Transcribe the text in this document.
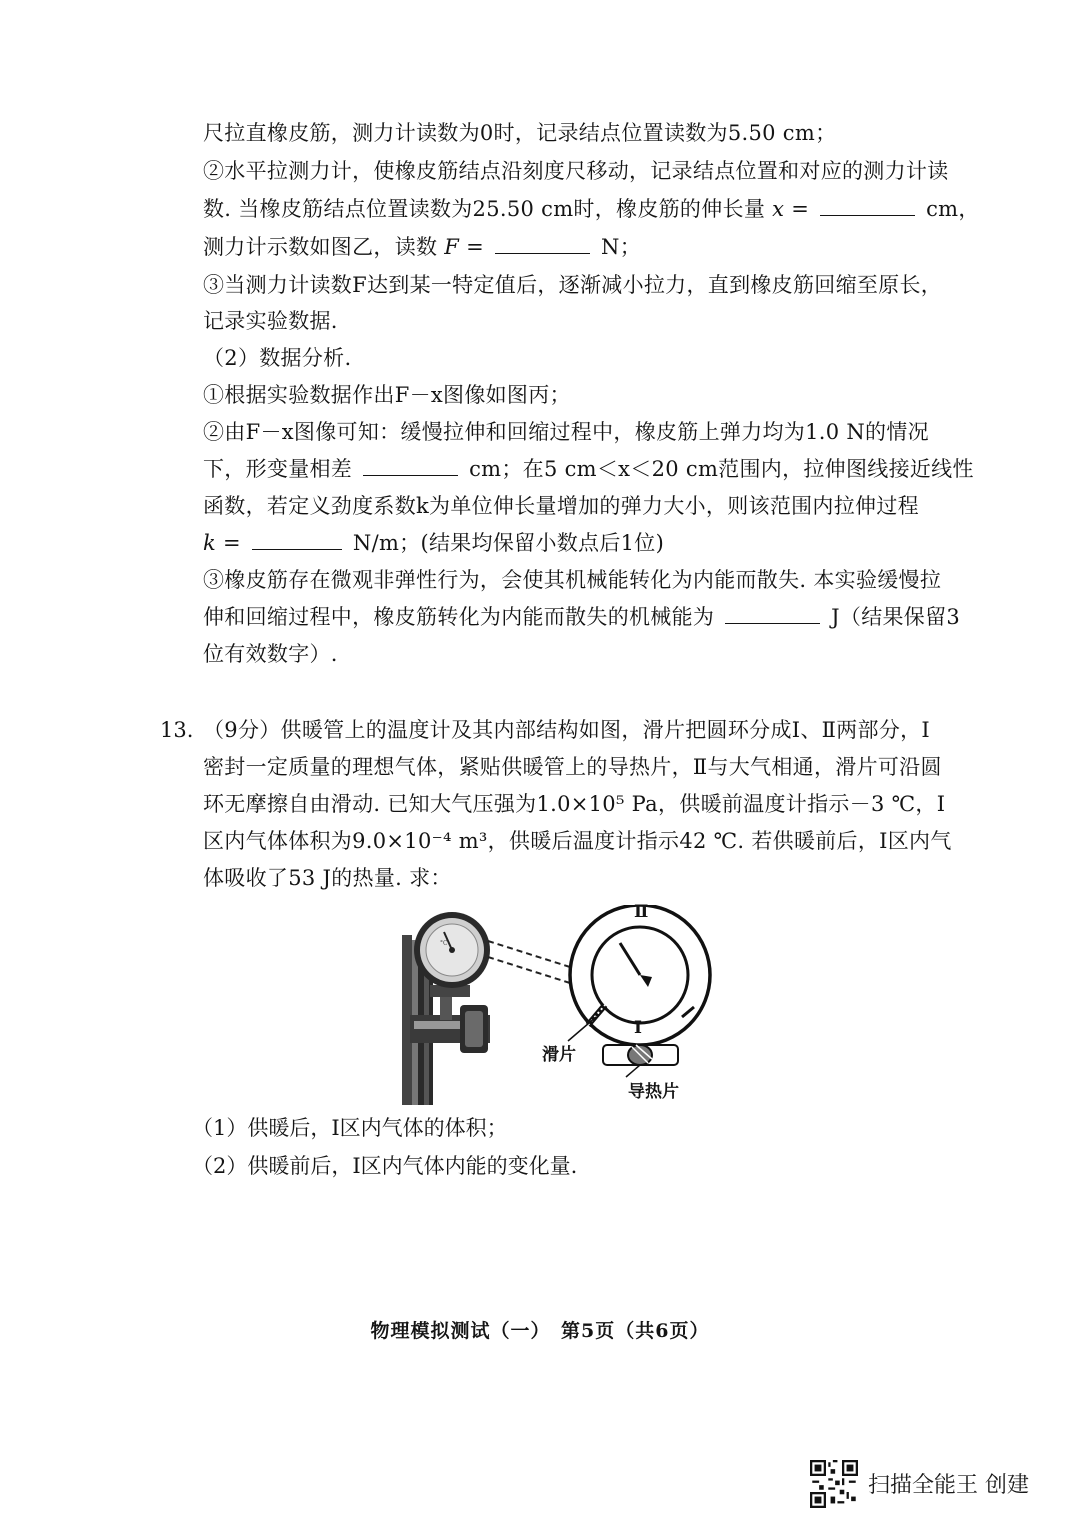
尺拉直橡皮筋，测力计读数为0时，记录结点位置读数为5.50 cm；
②水平拉测力计，使橡皮筋结点沿刻度尺移动，记录结点位置和对应的测力计读
数. 当橡皮筋结点位置读数为25.50 cm时，橡皮筋的伸长量 x =	cm，
测力计示数如图乙，读数 F =	N；
③当测力计读数F达到某一特定值后，逐渐减小拉力，直到橡皮筋回缩至原长，
记录实验数据.
（2）数据分析.
①根据实验数据作出F－x图像如图丙；
②由F－x图像可知：缓慢拉伸和回缩过程中，橡皮筋上弹力均为1.0 N的情况
下，形变量相差	cm；在5 cm＜x＜20 cm范围内，拉伸图线接近线性
函数，若定义劲度系数k为单位伸长量增加的弹力大小，则该范围内拉伸过程
k =	N/m；(结果均保留小数点后1位)
③橡皮筋存在微观非弹性行为，会使其机械能转化为内能而散失. 本实验缓慢拉
伸和回缩过程中，橡皮筋转化为内能而散失的机械能为	J（结果保留3
位有效数字）.
13. （9分）供暖管上的温度计及其内部结构如图，滑片把圆环分成Ⅰ、Ⅱ两部分，Ⅰ
密封一定质量的理想气体，紧贴供暖管上的导热片，Ⅱ与大气相通，滑片可沿圆
环无摩擦自由滑动. 已知大气压强为1.0×10⁵ Pa，供暖前温度计指示－3 ℃，Ⅰ
区内气体体积为9.0×10⁻⁴ m³，供暖后温度计指示42 ℃. 若供暖前后，Ⅰ区内气
体吸收了53 J的热量. 求：
°C
Ⅱ
Ⅰ
滑片
导热片
（1）供暖后，Ⅰ区内气体的体积；
（2）供暖前后，Ⅰ区内气体内能的变化量.
物理模拟测试（一）　第5页（共6页）
扫描全能王 创建
